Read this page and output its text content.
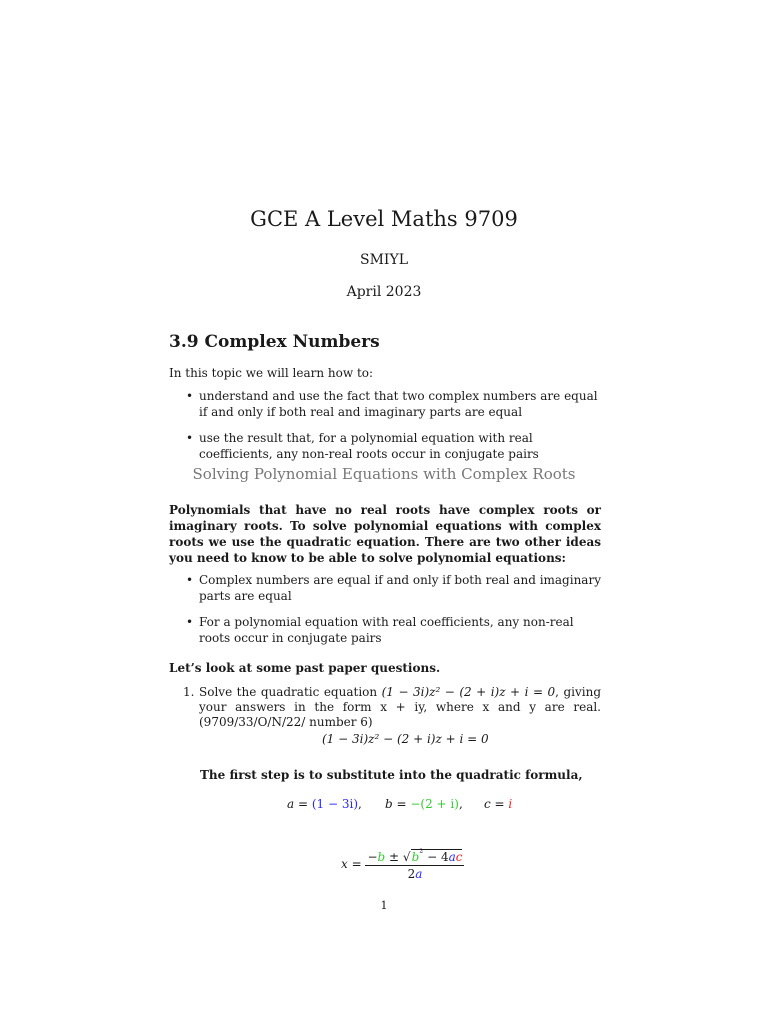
GCE A Level Maths 9709
SMIYL
April 2023
3.9 Complex Numbers
In this topic we will learn how to:
• understand and use the fact that two complex numbers are equal if and only if both real and imaginary parts are equal
• use the result that, for a polynomial equation with real coefficients, any non-real roots occur in conjugate pairs
Solving Polynomial Equations with Complex Roots
Polynomials that have no real roots have complex roots or imaginary roots. To solve polynomial equations with complex roots we use the quadratic equation. There are two other ideas you need to know to be able to solve polynomial equations:
• Complex numbers are equal if and only if both real and imaginary parts are equal
• For a polynomial equation with real coefficients, any non-real roots occur in conjugate pairs
Let’s look at some past paper questions.
1. Solve the quadratic equation (1 − 3i)z² − (2 + i)z + i = 0, giving your answers in the form x + iy, where x and y are real. (9709/33/O/N/22/ number 6)
(1 − 3i)z² − (2 + i)z + i = 0
The first step is to substitute into the quadratic formula,
a = (1 − 3i), b = −(2 + i), c = i
$x = \frac{-b \pm √b^{^2} - 4ac}{2a}$
1
